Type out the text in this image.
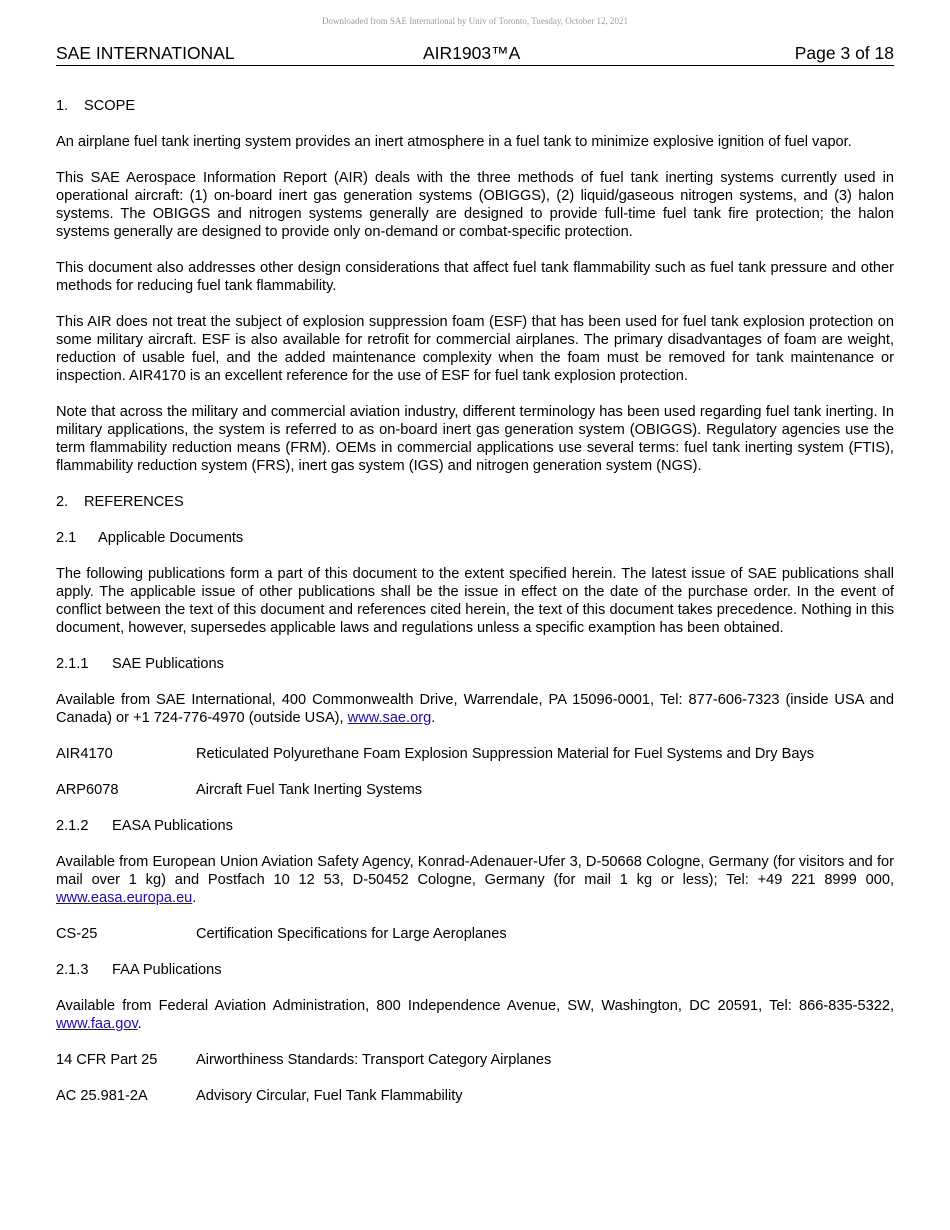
Downloaded from SAE International by Univ of Toronto, Tuesday, October 12, 2021
SAE INTERNATIONAL	AIR1903™A	Page 3 of 18
1. SCOPE

An airplane fuel tank inerting system provides an inert atmosphere in a fuel tank to minimize explosive ignition of fuel vapor.

This SAE Aerospace Information Report (AIR) deals with the three methods of fuel tank inerting systems currently used in operational aircraft: (1) on-board inert gas generation systems (OBIGGS), (2) liquid/gaseous nitrogen systems, and (3) halon systems. The OBIGGS and nitrogen systems generally are designed to provide full-time fuel tank fire protection; the halon systems generally are designed to provide only on-demand or combat-specific protection.

This document also addresses other design considerations that affect fuel tank flammability such as fuel tank pressure and other methods for reducing fuel tank flammability.

This AIR does not treat the subject of explosion suppression foam (ESF) that has been used for fuel tank explosion protection on some military aircraft. ESF is also available for retrofit for commercial airplanes. The primary disadvantages of foam are weight, reduction of usable fuel, and the added maintenance complexity when the foam must be removed for tank maintenance or inspection. AIR4170 is an excellent reference for the use of ESF for fuel tank explosion protection.

Note that across the military and commercial aviation industry, different terminology has been used regarding fuel tank inerting. In military applications, the system is referred to as on-board inert gas generation system (OBIGGS). Regulatory agencies use the term flammability reduction means (FRM). OEMs in commercial applications use several terms: fuel tank inerting system (FTIS), flammability reduction system (FRS), inert gas system (IGS) and nitrogen generation system (NGS).

2. REFERENCES
2.1 Applicable Documents

The following publications form a part of this document to the extent specified herein. The latest issue of SAE publications shall apply. The applicable issue of other publications shall be the issue in effect on the date of the purchase order. In the event of conflict between the text of this document and references cited herein, the text of this document takes precedence. Nothing in this document, however, supersedes applicable laws and regulations unless a specific examption has been obtained.

2.1.1 SAE Publications

Available from SAE International, 400 Commonwealth Drive, Warrendale, PA 15096-0001, Tel: 877-606-7323 (inside USA and Canada) or +1 724-776-4970 (outside USA), www.sae.org.

AIR4170	Reticulated Polyurethane Foam Explosion Suppression Material for Fuel Systems and Dry Bays
ARP6078	Aircraft Fuel Tank Inerting Systems
2.1.2 EASA Publications

Available from European Union Aviation Safety Agency, Konrad-Adenauer-Ufer 3, D-50668 Cologne, Germany (for visitors and for mail over 1 kg) and Postfach 10 12 53, D-50452 Cologne, Germany (for mail 1 kg or less); Tel: +49 221 8999 000, www.easa.europa.eu.

CS-25	Certification Specifications for Large Aeroplanes
2.1.3 FAA Publications

Available from Federal Aviation Administration, 800 Independence Avenue, SW, Washington, DC 20591, Tel: 866-835-5322, www.faa.gov.

14 CFR Part 25	Airworthiness Standards: Transport Category Airplanes
AC 25.981-2A	Advisory Circular, Fuel Tank Flammability
